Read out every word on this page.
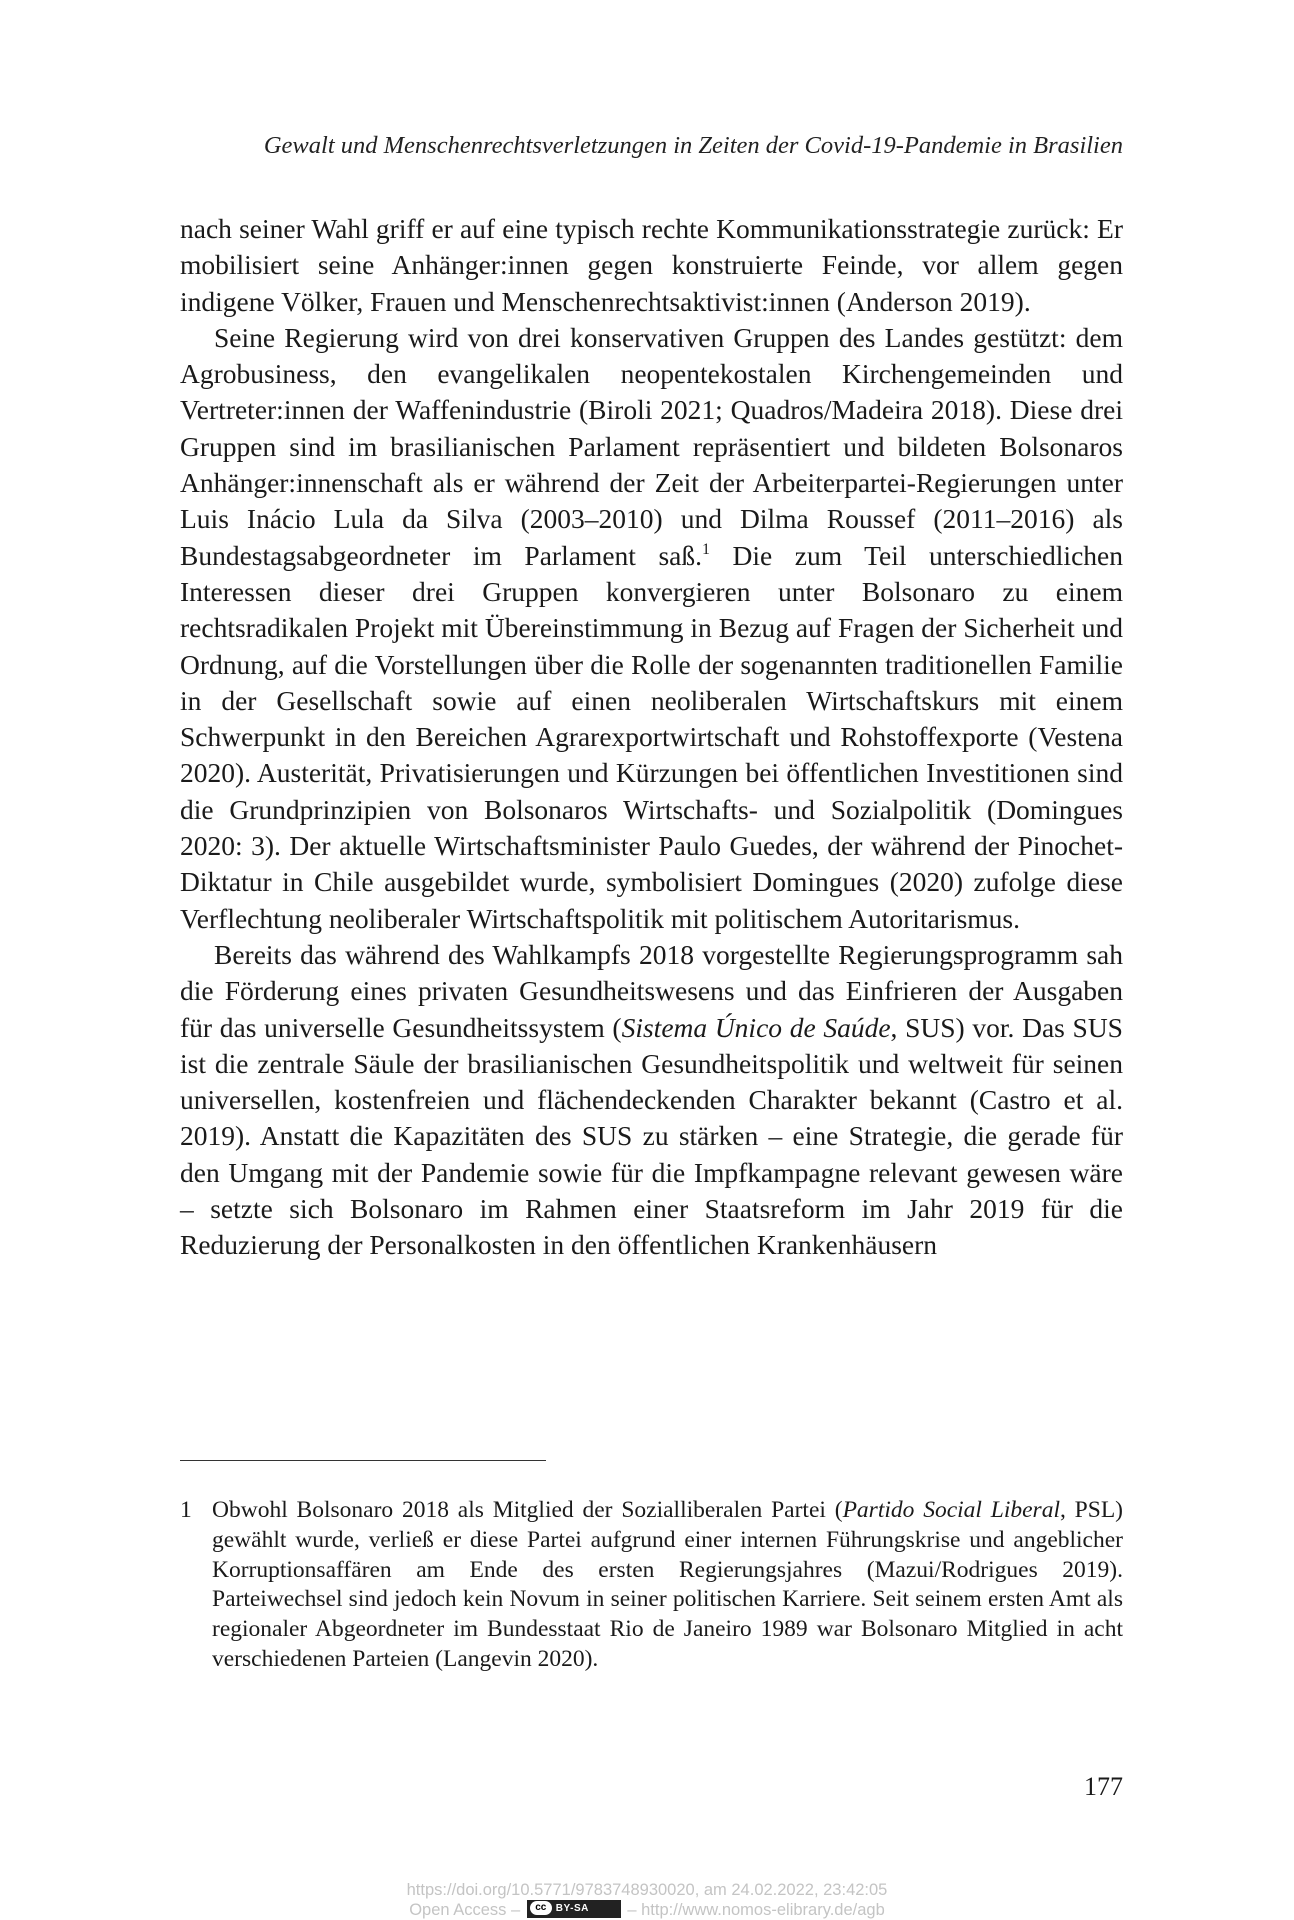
Gewalt und Menschenrechtsverletzungen in Zeiten der Covid-19-Pandemie in Brasilien

nach seiner Wahl griff er auf eine typisch rechte Kommunikationsstrategie zurück: Er mobilisiert seine Anhänger:innen gegen konstruierte Feinde, vor allem gegen indigene Völker, Frauen und Menschenrechtsaktivist:innen (Anderson 2019).

Seine Regierung wird von drei konservativen Gruppen des Landes gestützt: dem Agrobusiness, den evangelikalen neopentekostalen Kirchengemeinden und Vertreter:innen der Waffenindustrie (Biroli 2021; Quadros/Madeira 2018). Diese drei Gruppen sind im brasilianischen Parlament repräsentiert und bildeten Bolsonaros Anhänger:innenschaft als er während der Zeit der Arbeiterpartei-Regierungen unter Luis Inácio Lula da Silva (2003–2010) und Dilma Roussef (2011–2016) als Bundestagsabgeordneter im Parlament saß.$^1$ Die zum Teil unterschiedlichen Interessen dieser drei Gruppen konvergieren unter Bolsonaro zu einem rechtsradikalen Projekt mit Übereinstimmung in Bezug auf Fragen der Sicherheit und Ordnung, auf die Vorstellungen über die Rolle der sogenannten traditionellen Familie in der Gesellschaft sowie auf einen neoliberalen Wirtschaftskurs mit einem Schwerpunkt in den Bereichen Agrarexportwirtschaft und Rohstoffexporte (Vestena 2020). Austerität, Privatisierungen und Kürzungen bei öffentlichen Investitionen sind die Grundprinzipien von Bolsonaros Wirtschafts- und Sozialpolitik (Domingues 2020: 3). Der aktuelle Wirtschaftsminister Paulo Guedes, der während der Pinochet-Diktatur in Chile ausgebildet wurde, symbolisiert Domingues (2020) zufolge diese Verflechtung neoliberaler Wirtschaftspolitik mit politischem Autoritarismus.

Bereits das während des Wahlkampfs 2018 vorgestellte Regierungsprogramm sah die Förderung eines privaten Gesundheitswesens und das Einfrieren der Ausgaben für das universelle Gesundheitssystem (Sistema Único de Saúde, SUS) vor. Das SUS ist die zentrale Säule der brasilianischen Gesundheitspolitik und weltweit für seinen universellen, kostenfreien und flächendeckenden Charakter bekannt (Castro et al. 2019). Anstatt die Kapazitäten des SUS zu stärken – eine Strategie, die gerade für den Umgang mit der Pandemie sowie für die Impfkampagne relevant gewesen wäre – setzte sich Bolsonaro im Rahmen einer Staatsreform im Jahr 2019 für die Reduzierung der Personalkosten in den öffentlichen Krankenhäusern

1 Obwohl Bolsonaro 2018 als Mitglied der Sozialliberalen Partei (Partido Social Liberal, PSL) gewählt wurde, verließ er diese Partei aufgrund einer internen Führungskrise und angeblicher Korruptionsaffären am Ende des ersten Regierungsjahres (Mazui/Rodrigues 2019). Parteiwechsel sind jedoch kein Novum in seiner politischen Karriere. Seit seinem ersten Amt als regionaler Abgeordneter im Bundesstaat Rio de Janeiro 1989 war Bolsonaro Mitglied in acht verschiedenen Parteien (Langevin 2020).
177
https://doi.org/10.5771/9783748930020, am 24.02.2022, 23:42:05
Open Access –	cc BY-SA – http://www.nomos-elibrary.de/agb
